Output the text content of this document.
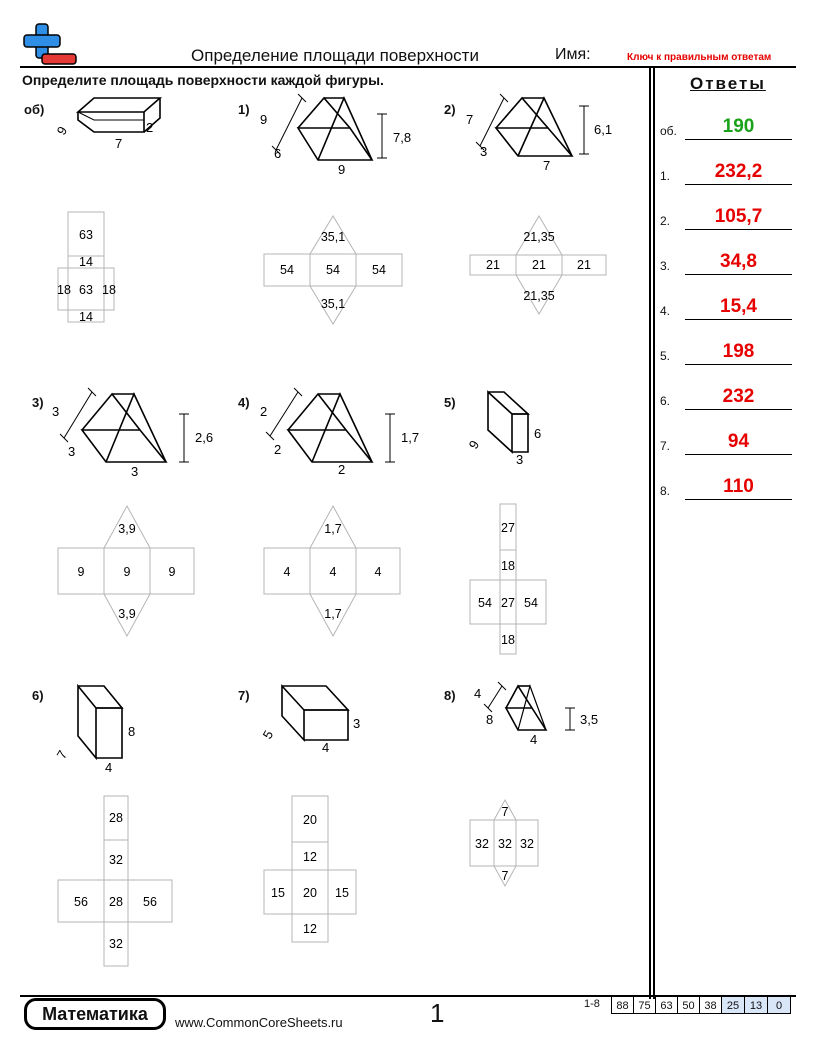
Определение площади поверхности	Имя:	Ключ к правильным ответам
Определите площадь поверхности каждой фигуры.	Ответы
об.	190
1.	232,2
2.	105,7
3.	34,8
4.	15,4
5.	198
6.	232
7.	94
8.	110
об)	1)	2)
3)	4)	5)
6)	7)	8)
9	2
7
9
6
9
7,8
7
3
7
6,1
3
3
3
2,6
2
2
2
1,7	9
6
3
7
8
4
5
3
4
4
8
4
3,5
63
14
18 63 18
14
35,1
54	54	54
35,1
21,35
21	21 21
21,35
3,9
9	9	9
3,9
1,7
4	4	4
1,7
27
18
54 27 54
18
28
32
56 28 56
32
20
12
15 20 15
12
7
32 32 32
7
Математика	www.CommonCoreSheets.ru	1	1-8	88 75 63 50 38 25 13	0
